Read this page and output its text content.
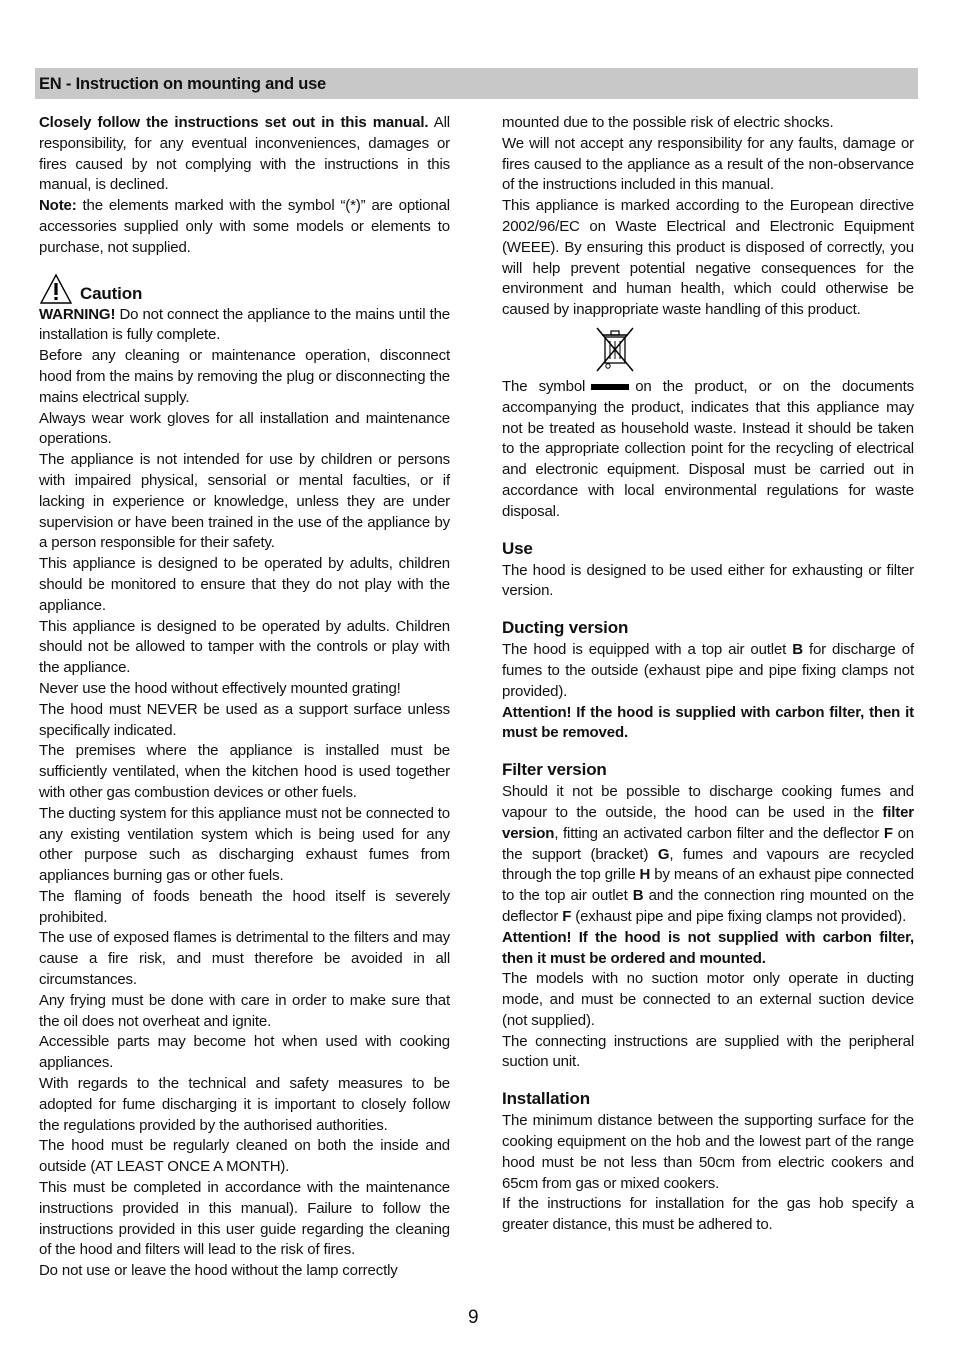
EN - Instruction on mounting and use

Closely follow the instructions set out in this manual. All responsibility, for any eventual inconveniences, damages or fires caused by not complying with the instructions in this manual, is declined.

Note: the elements marked with the symbol “(*)” are optional accessories supplied only with some models or elements to purchase, not supplied.

Caution

WARNING! Do not connect the appliance to the mains until the installation is fully complete.

Before any cleaning or maintenance operation, disconnect hood from the mains by removing the plug or disconnecting the mains electrical supply.

Always wear work gloves for all installation and maintenance operations.

The appliance is not intended for use by children or persons with impaired physical, sensorial or mental faculties, or if lacking in experience or knowledge, unless they are under supervision or have been trained in the use of the appliance by a person responsible for their safety.

This appliance is designed to be operated by adults, children should be monitored to ensure that they do not play with the appliance.

This appliance is designed to be operated by adults. Children should not be allowed to tamper with the controls or play with the appliance.

Never use the hood without effectively mounted grating!

The hood must NEVER be used as a support surface unless specifically indicated.

The premises where the appliance is installed must be sufficiently ventilated, when the kitchen hood is used together with other gas combustion devices or other fuels.

The ducting system for this appliance must not be connected to any existing ventilation system which is being used for any other purpose such as discharging exhaust fumes from appliances burning gas or other fuels.

The flaming of foods beneath the hood itself is severely prohibited.

The use of exposed flames is detrimental to the filters and may cause a fire risk, and must therefore be avoided in all circumstances.

Any frying must be done with care in order to make sure that the oil does not overheat and ignite.

Accessible parts may become hot when used with cooking appliances.

With regards to the technical and safety measures to be adopted for fume discharging it is important to closely follow the regulations provided by the authorised authorities.

The hood must be regularly cleaned on both the inside and outside (AT LEAST ONCE A MONTH).

This must be completed in accordance with the maintenance instructions provided in this manual). Failure to follow the instructions provided in this user guide regarding the cleaning of the hood and filters will lead to the risk of fires.

Do not use or leave the hood without the lamp correctly

mounted due to the possible risk of electric shocks.

We will not accept any responsibility for any faults, damage or fires caused to the appliance as a result of the non-observance of the instructions included in this manual.

This appliance is marked according to the European directive 2002/96/EC on Waste Electrical and Electronic Equipment (WEEE). By ensuring this product is disposed of correctly, you will help prevent potential negative consequences for the environment and human health, which could otherwise be caused by inappropriate waste handling of this product.

The symbol	on the product, or on the documents accompanying the product, indicates that this appliance may not be treated as household waste. Instead it should be taken to the appropriate collection point for the recycling of electrical and electronic equipment. Disposal must be carried out in accordance with local environmental regulations for waste disposal.

Use

The hood is designed to be used either for exhausting or filter version.

Ducting version

The hood is equipped with a top air outlet B for discharge of fumes to the outside (exhaust pipe and pipe fixing clamps not provided).

Attention! If the hood is supplied with carbon filter, then it must be removed.

Filter version

Should it not be possible to discharge cooking fumes and vapour to the outside, the hood can be used in the filter version, fitting an activated carbon filter and the deflector F on the support (bracket) G, fumes and vapours are recycled through the top grille H by means of an exhaust pipe connected to the top air outlet B and the connection ring mounted on the deflector F (exhaust pipe and pipe fixing clamps not provided).

Attention! If the hood is not supplied with carbon filter, then it must be ordered and mounted.

The models with no suction motor only operate in ducting mode, and must be connected to an external suction device (not supplied).

The connecting instructions are supplied with the peripheral suction unit.

Installation

The minimum distance between the supporting surface for the cooking equipment on the hob and the lowest part of the range hood must be not less than 50cm from electric cookers and 65cm from gas or mixed cookers.

If the instructions for installation for the gas hob specify a greater distance, this must be adhered to.

9
